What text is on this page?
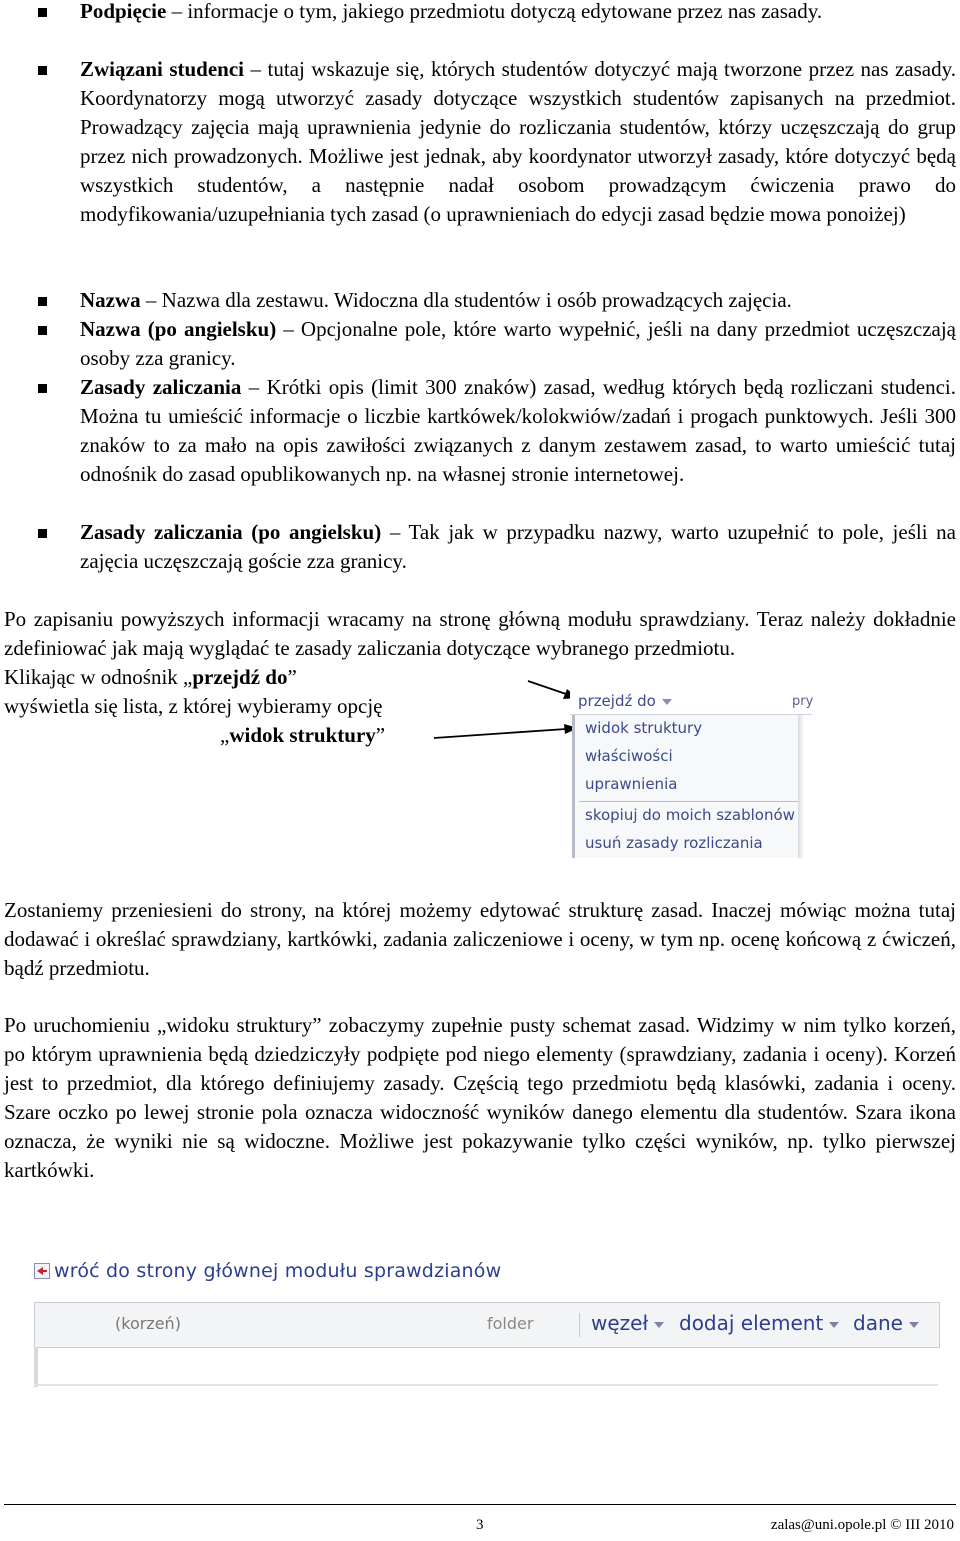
Podpięcie – informacje o tym, jakiego przedmiotu dotyczą edytowane przez nas zasady.
Związani studenci – tutaj wskazuje się, których studentów dotyczyć mają tworzone przez nas zasady. Koordynatorzy mogą utworzyć zasady dotyczące wszystkich studentów zapisanych na przedmiot. Prowadzący zajęcia mają uprawnienia jedynie do rozliczania studentów, którzy uczęszczają do grup przez nich prowadzonych. Możliwe jest jednak, aby koordynator utworzył zasady, które dotyczyć będą wszystkich studentów, a następnie nadał osobom prowadzącym ćwiczenia prawo do modyfikowania/uzupełniania tych zasad (o uprawnieniach do edycji zasad będzie mowa ponoiżej)
Nazwa – Nazwa dla zestawu. Widoczna dla studentów i osób prowadzących zajęcia.
Nazwa (po angielsku) – Opcjonalne pole, które warto wypełnić, jeśli na dany przedmiot uczęszczają osoby zza granicy.
Zasady zaliczania – Krótki opis (limit 300 znaków) zasad, według których będą rozliczani studenci. Można tu umieścić informacje o liczbie kartkówek/kolokwiów/zadań i progach punktowych. Jeśli 300 znaków to za mało na opis zawiłości związanych z danym zestawem zasad, to warto umieścić tutaj odnośnik do zasad opublikowanych np. na własnej stronie internetowej.
Zasady zaliczania (po angielsku) – Tak jak w przypadku nazwy, warto uzupełnić to pole, jeśli na zajęcia uczęszczają goście zza granicy.
Po zapisaniu powyższych informacji wracamy na stronę główną modułu sprawdziany. Teraz należy dokładnie zdefiniować jak mają wyglądać te zasady zaliczania dotyczące wybranego przedmiotu.
Klikając w odnośnik „przejdź do”
wyświetla się lista, z której wybieramy opcję
„widok struktury”
przejdź do	pry
widok struktury
właściwości
uprawnienia
skopiuj do moich szablonów
usuń zasady rozliczania
Zostaniemy przeniesieni do strony, na której możemy edytować strukturę zasad. Inaczej mówiąc można tutaj dodawać i określać sprawdziany, kartkówki, zadania zaliczeniowe i oceny, w tym np. ocenę końcową z ćwiczeń, bądź przedmiotu.
Po uruchomieniu „widoku struktury” zobaczymy zupełnie pusty schemat zasad. Widzimy w nim tylko korzeń, po którym uprawnienia będą dziedziczyły podpięte pod niego elementy (sprawdziany, zadania i oceny). Korzeń jest to przedmiot, dla którego definiujemy zasady. Częścią tego przedmiotu będą klasówki, zadania i oceny. Szare oczko po lewej stronie pola oznacza widoczność wyników danego elementu dla studentów. Szara ikona oznacza, że wyniki nie są widoczne. Możliwe jest pokazywanie tylko części wyników, np. tylko pierwszej kartkówki.
wróć do strony głównej modułu sprawdzianów
(korzeń)	folder	węzeł	dodaj element	dane
3	zalas@uni.opole.pl © III 2010
